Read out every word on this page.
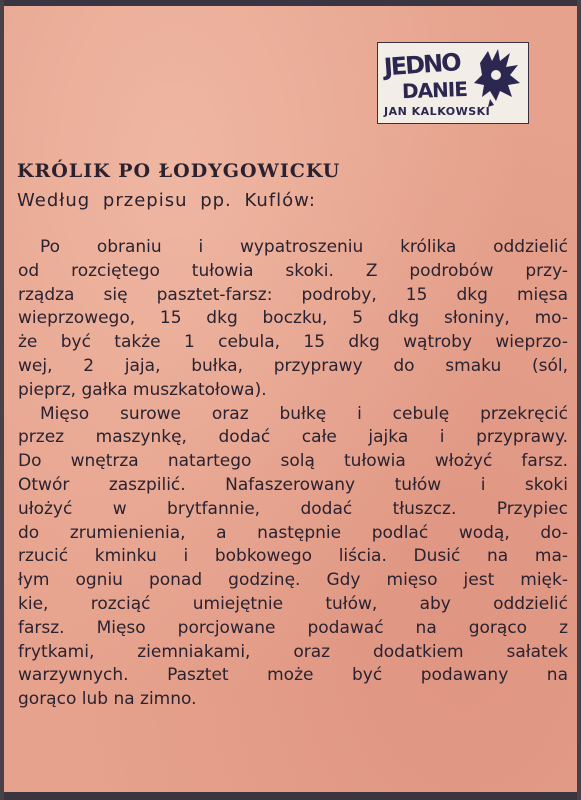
JEDNO
DANIE
JAN KALKOWSKI
KRÓLIK PO ŁODYGOWICKU

Według przepisu pp. Kuflów:

Po obraniu i wypatroszeniu królika oddzielić
od rozciętego tułowia skoki. Z podrobów przy-
rządza się pasztet-farsz: podroby, 15 dkg mięsa
wieprzowego, 15 dkg boczku, 5 dkg słoniny, mo-
że być także 1 cebula, 15 dkg wątroby wieprzo-
wej, 2 jaja, bułka, przyprawy do smaku (sól,
pieprz, gałka muszkatołowa).
Mięso surowe oraz bułkę i cebulę przekręcić
przez maszynkę, dodać całe jajka i przyprawy.
Do wnętrza natartego solą tułowia włożyć farsz.
Otwór zaszpilić. Nafaszerowany tułów i skoki
ułożyć w brytfannie, dodać tłuszcz. Przypiec
do zrumienienia, a następnie podlać wodą, do-
rzucić kminku i bobkowego liścia. Dusić na ma-
łym ogniu ponad godzinę. Gdy mięso jest mięk-
kie, rozciąć umiejętnie tułów, aby oddzielić
farsz. Mięso porcjowane podawać na gorąco z
frytkami, ziemniakami, oraz dodatkiem sałatek
warzywnych. Pasztet może być podawany na
gorąco lub na zimno.
